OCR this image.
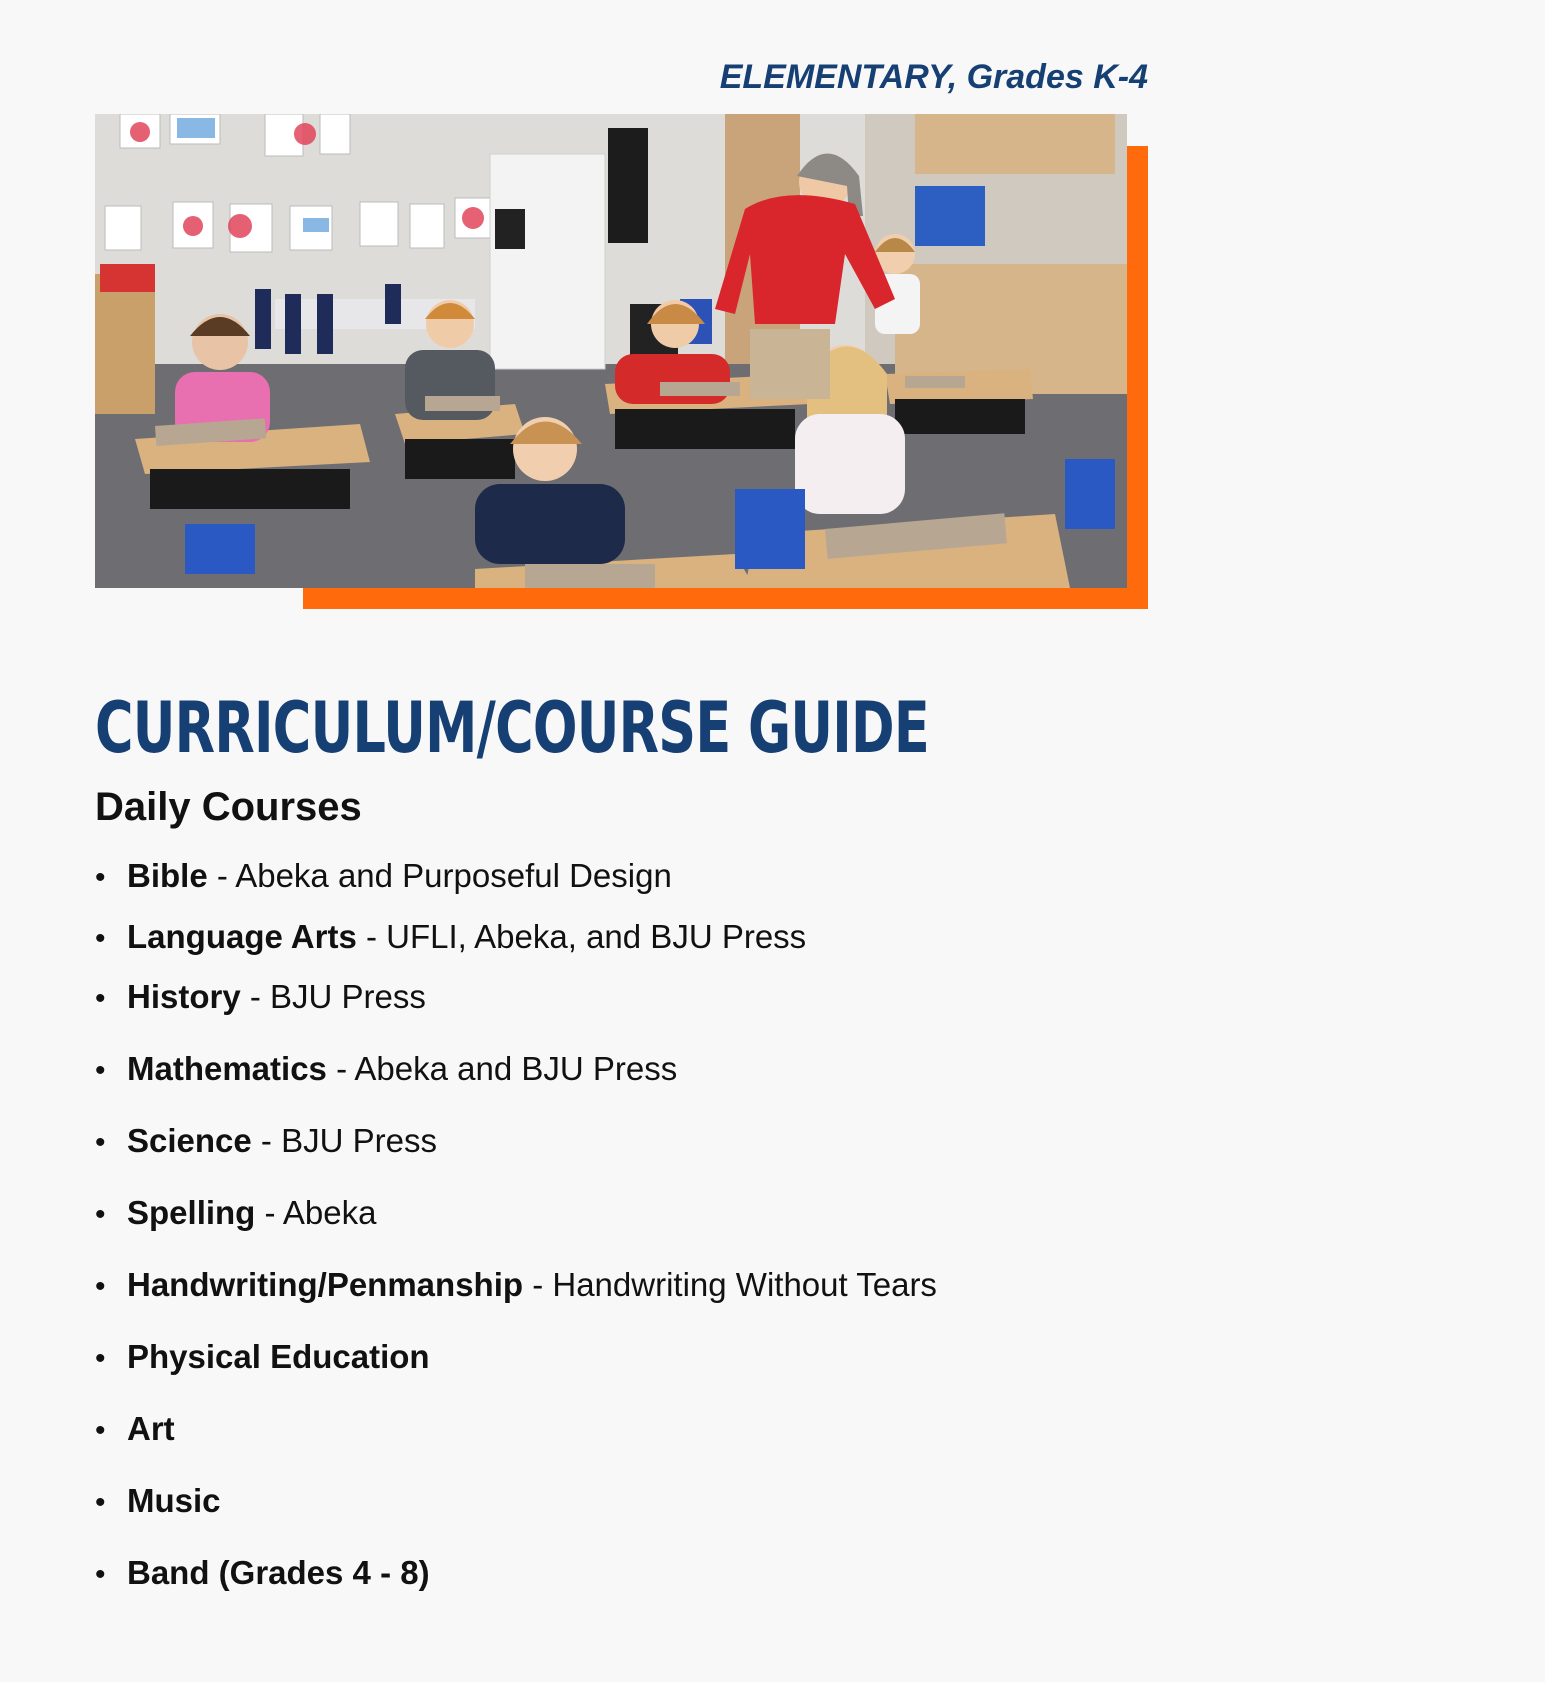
ELEMENTARY, Grades K-4
CURRICULUM/COURSE GUIDE
Daily Courses
• Bible - Abeka and Purposeful Design
• Language Arts - UFLI, Abeka, and BJU Press
• History - BJU Press
• Mathematics - Abeka and BJU Press
• Science - BJU Press
• Spelling - Abeka
• Handwriting/Penmanship - Handwriting Without Tears
• Physical Education
• Art
• Music
• Band (Grades 4 - 8)
